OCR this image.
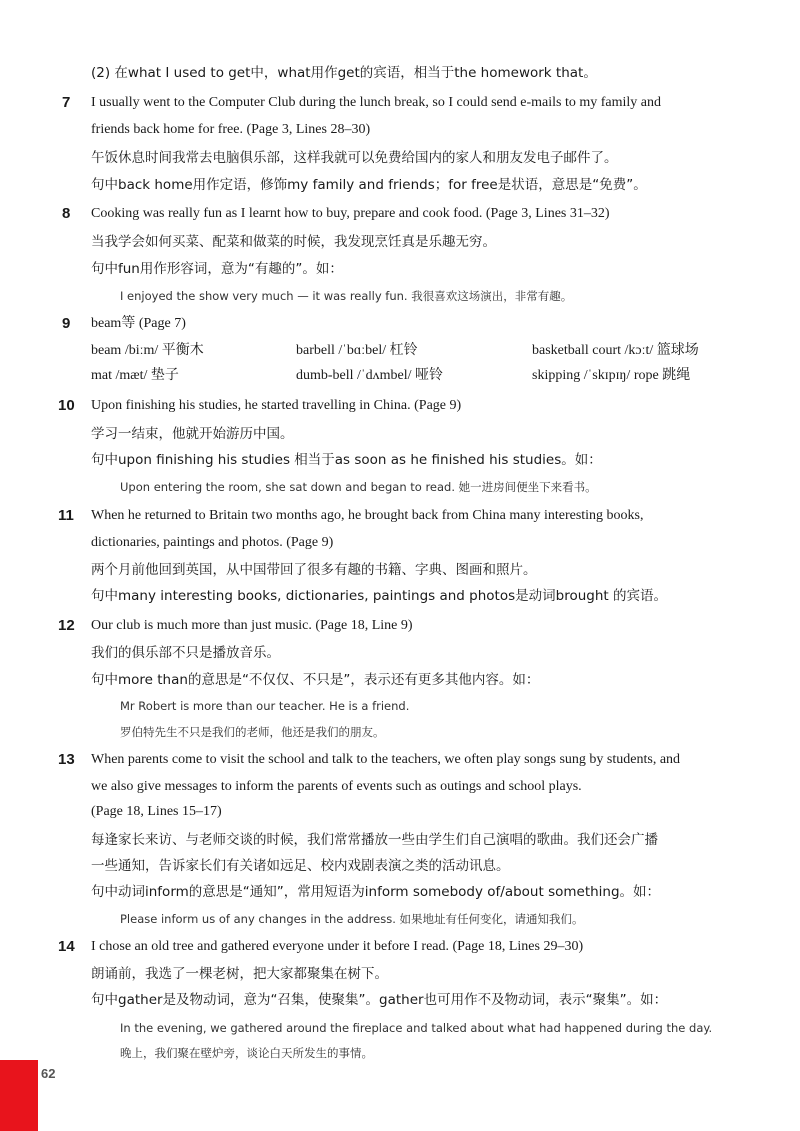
(2) 在what I used to get中，what用作get的宾语，相当于the homework that。
7	I usually went to the Computer Club during the lunch break, so I could send e-mails to my family and
friends back home for free. (Page 3, Lines 28–30)
午饭休息时间我常去电脑俱乐部，这样我就可以免费给国内的家人和朋友发电子邮件了。
句中back home用作定语，修饰my family and friends；for free是状语，意思是“免费”。
8	Cooking was really fun as I learnt how to buy, prepare and cook food. (Page 3, Lines 31–32)
当我学会如何买菜、配菜和做菜的时候，我发现烹饪真是乐趣无穷。
句中fun用作形容词，意为“有趣的”。如：
I enjoyed the show very much — it was really fun. 我很喜欢这场演出，非常有趣。
9	beam等 (Page 7)
beam /biːm/ 平衡木	barbell /ˈbɑːbel/ 杠铃	basketball court /kɔːt/ 篮球场
mat /mæt/ 垫子	dumb-bell /ˈdʌmbel/ 哑铃	skipping /ˈskɪpɪŋ/ rope 跳绳
10	Upon finishing his studies, he started travelling in China. (Page 9)
学习一结束，他就开始游历中国。
句中upon finishing his studies 相当于as soon as he finished his studies。如：
Upon entering the room, she sat down and began to read. 她一进房间便坐下来看书。
11	When he returned to Britain two months ago, he brought back from China many interesting books,
dictionaries, paintings and photos. (Page 9)
两个月前他回到英国，从中国带回了很多有趣的书籍、字典、图画和照片。
句中many interesting books, dictionaries, paintings and photos是动词brought 的宾语。
12	Our club is much more than just music. (Page 18, Line 9)
我们的俱乐部不只是播放音乐。
句中more than的意思是“不仅仅、不只是”，表示还有更多其他内容。如：
Mr Robert is more than our teacher. He is a friend.
罗伯特先生不只是我们的老师，他还是我们的朋友。
13	When parents come to visit the school and talk to the teachers, we often play songs sung by students, and
we also give messages to inform the parents of events such as outings and school plays.
(Page 18, Lines 15–17)
每逢家长来访、与老师交谈的时候，我们常常播放一些由学生们自己演唱的歌曲。我们还会广播
一些通知，告诉家长们有关诸如远足、校内戏剧表演之类的活动讯息。
句中动词inform的意思是“通知”，常用短语为inform somebody of/about something。如：
Please inform us of any changes in the address. 如果地址有任何变化，请通知我们。
14	I chose an old tree and gathered everyone under it before I read. (Page 18, Lines 29–30)
朗诵前，我选了一棵老树，把大家都聚集在树下。
句中gather是及物动词，意为“召集，使聚集”。gather也可用作不及物动词，表示“聚集”。如：
In the evening, we gathered around the fireplace and talked about what had happened during the day.
晚上，我们聚在壁炉旁，谈论白天所发生的事情。
62
